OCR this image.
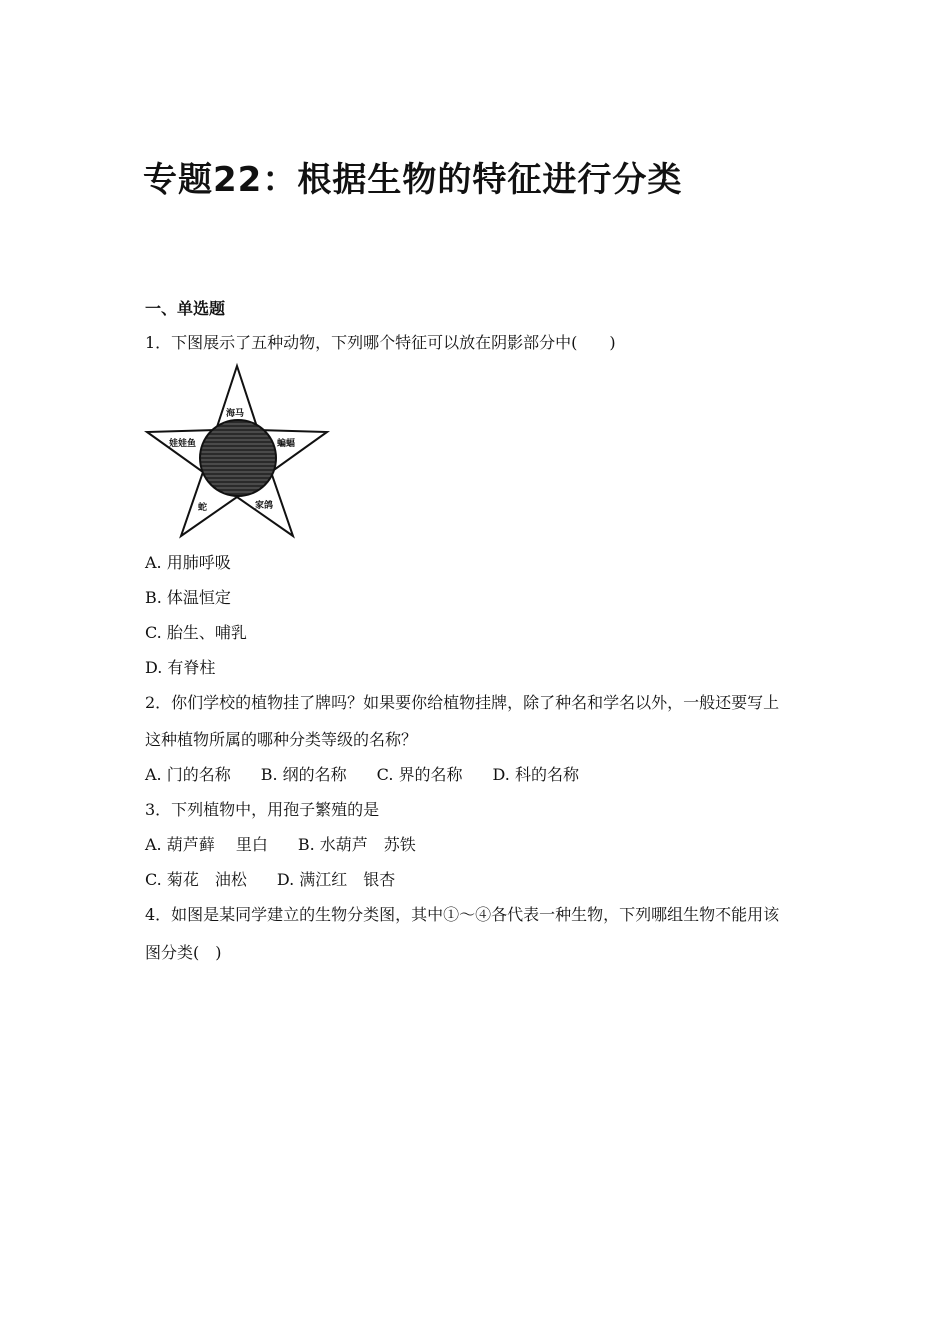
专题22：根据生物的特征进行分类
一、单选题
1．下图展示了五种动物，下列哪个特征可以放在阴影部分中(　　)
海马
娃娃鱼	蝙蝠
蛇	家鸽
A. 用肺呼吸
B. 体温恒定
C. 胎生、哺乳
D. 有脊柱
2．你们学校的植物挂了牌吗？如果要你给植物挂牌，除了种名和学名以外，一般还要写上
这种植物所属的哪种分类等级的名称？
A. 门的名称 B. 纲的名称 C. 界的名称 D. 科的名称
3．下列植物中，用孢子繁殖的是
A. 葫芦藓　 里白 B. 水葫芦　苏铁
C. 菊花　油松 D. 满江红　银杏
4．如图是某同学建立的生物分类图，其中①～④各代表一种生物，下列哪组生物不能用该
图分类(　)
